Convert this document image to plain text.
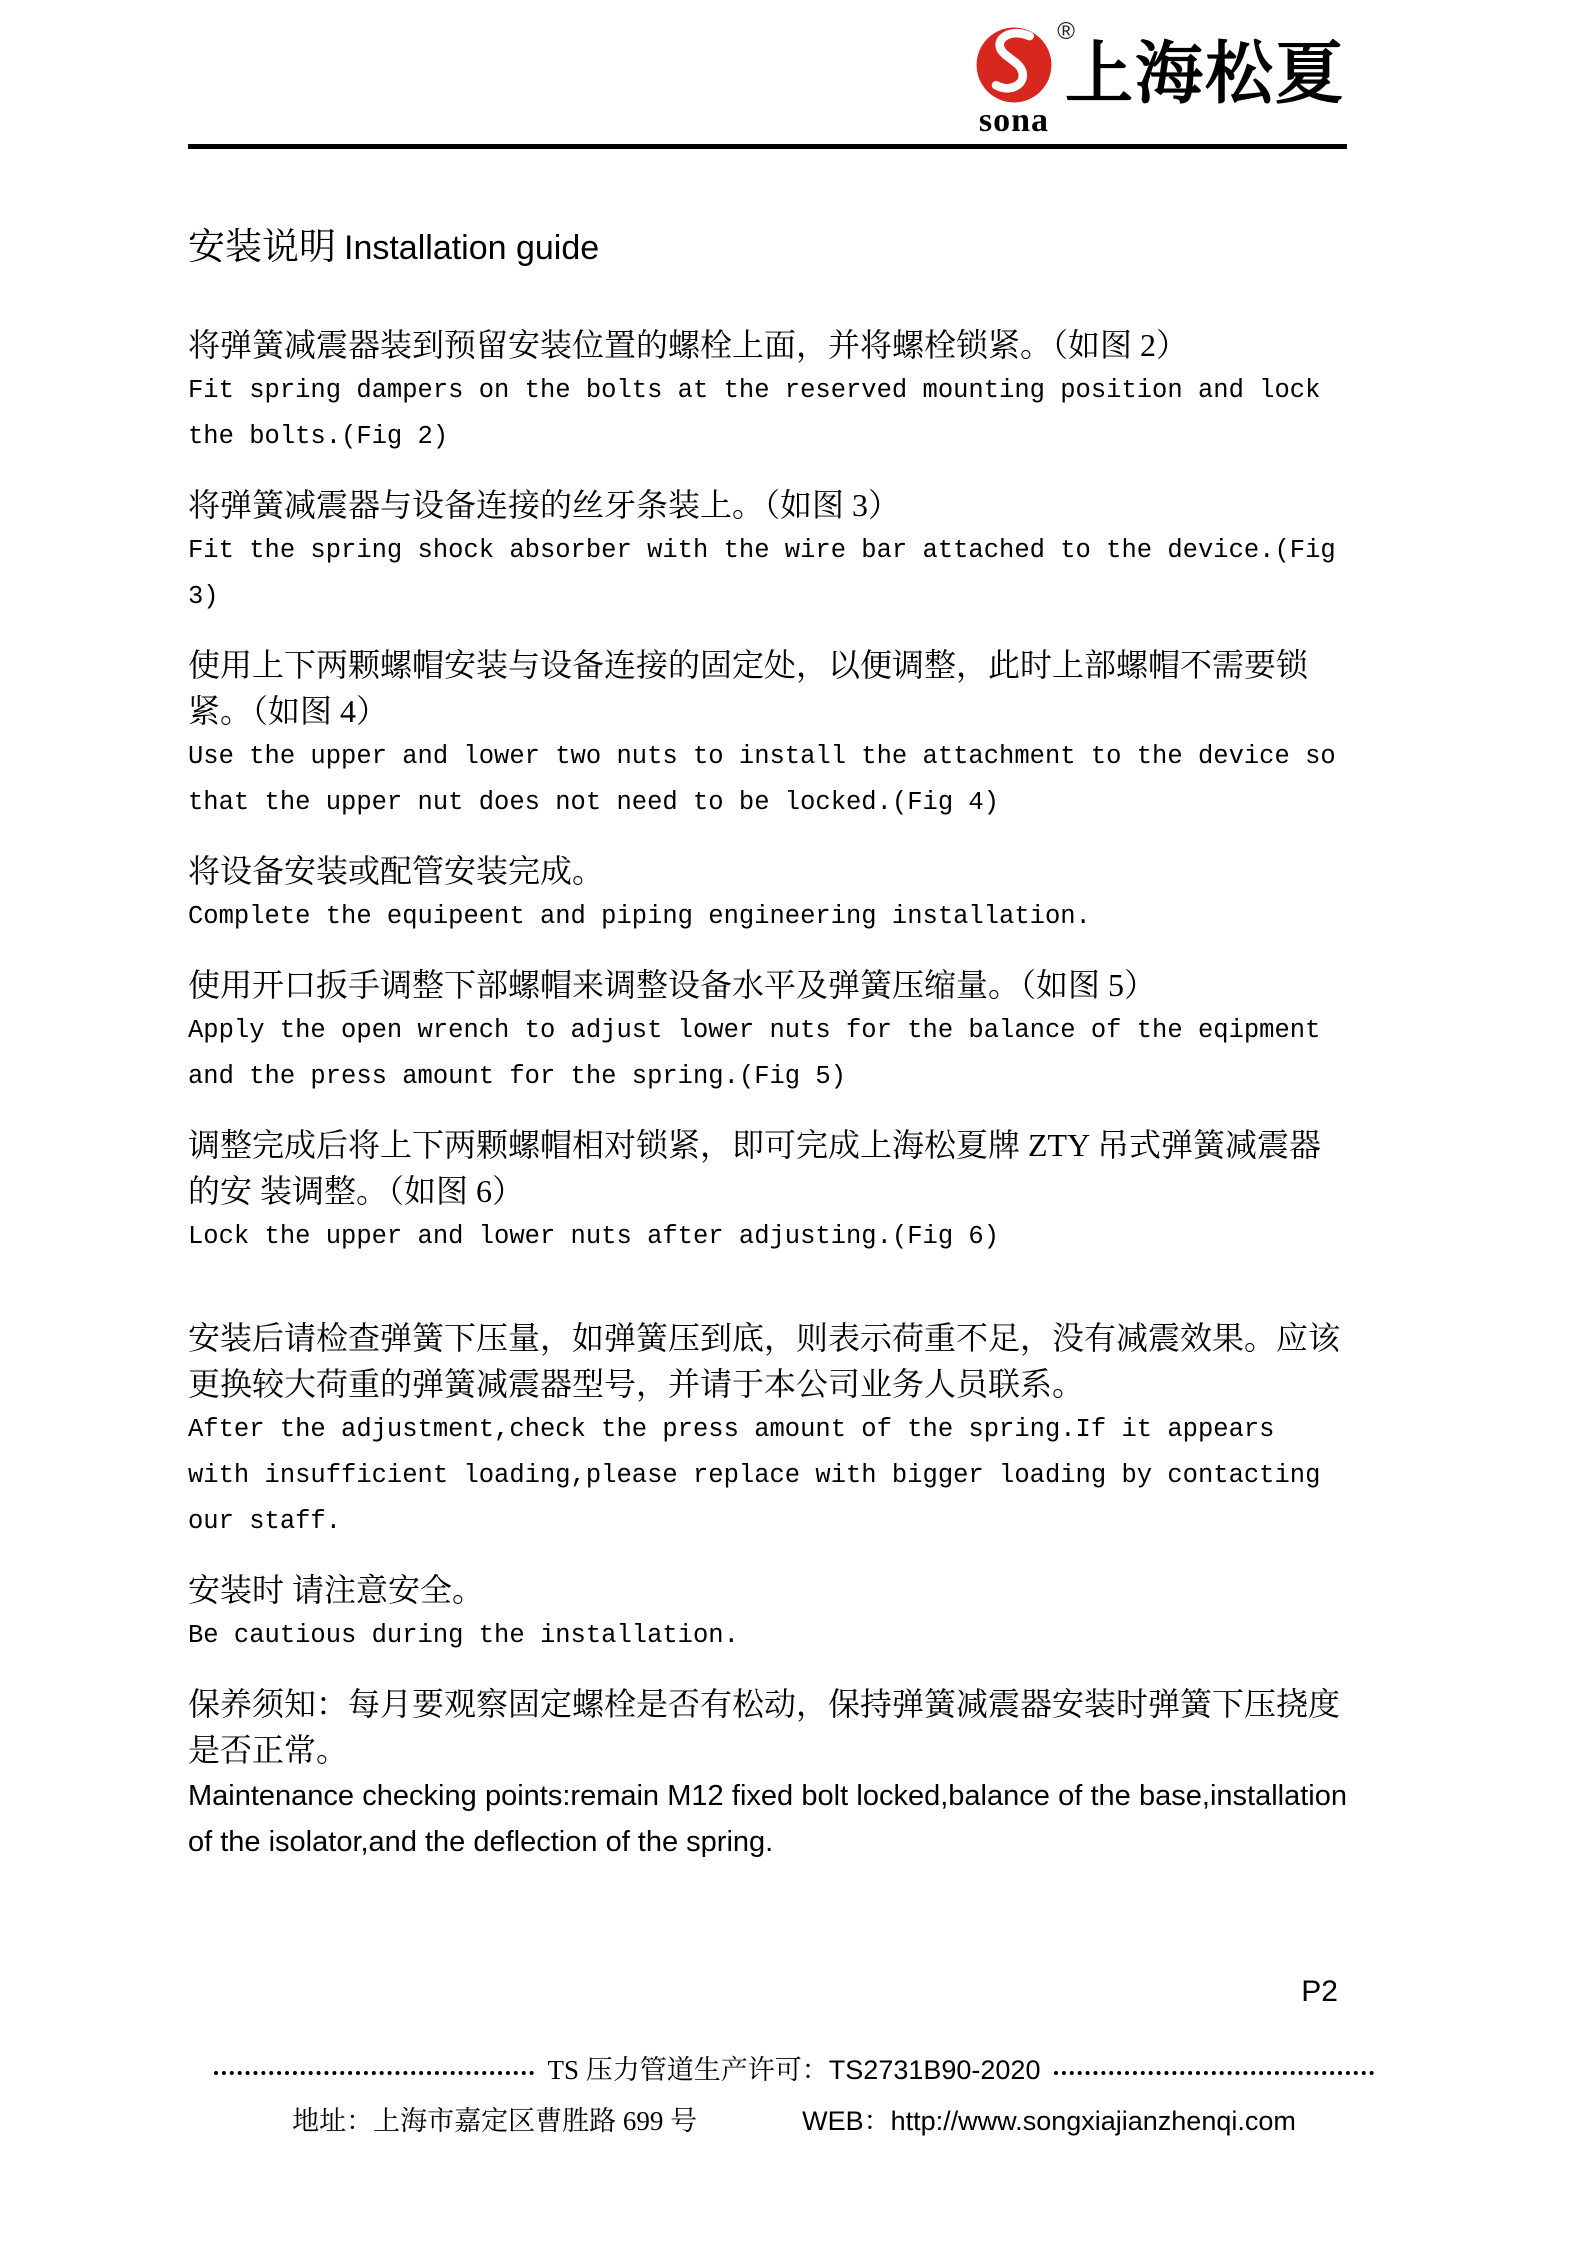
®
sona
上海松夏
安装说明 Installation guide

将弹簧减震器装到预留安装位置的螺栓上面，并将螺栓锁紧。（如图 2）

Fit spring dampers on the bolts at the reserved mounting position and lock the bolts.(Fig 2)

将弹簧减震器与设备连接的丝牙条装上。（如图 3）

Fit the spring shock absorber with the wire bar attached to the device.(Fig 3)

使用上下两颗螺帽安装与设备连接的固定处，以便调整，此时上部螺帽不需要锁紧。（如图 4）

Use the upper and lower two nuts to install the attachment to the device so that the upper nut does not need to be locked.(Fig 4)

将设备安装或配管安装完成。

Complete the equipeent and piping engineering installation.

使用开口扳手调整下部螺帽来调整设备水平及弹簧压缩量。（如图 5）

Apply the open wrench to adjust lower nuts for the balance of the eqipment and the press amount for the spring.(Fig 5)

调整完成后将上下两颗螺帽相对锁紧，即可完成上海松夏牌 ZTY 吊式弹簧减震器的安 装调整。（如图 6）

Lock the upper and lower nuts after adjusting.(Fig 6)

安装后请检查弹簧下压量，如弹簧压到底，则表示荷重不足，没有减震效果。应该更换较大荷重的弹簧减震器型号，并请于本公司业务人员联系。

After the adjustment,check the press amount of the spring.If it appears with insufficient loading,please replace with bigger loading by contacting our staff.

安装时 请注意安全。

Be cautious during the installation.

保养须知：每月要观察固定螺栓是否有松动，保持弹簧减震器安装时弹簧下压挠度是否正常。

Maintenance checking points:remain M12 fixed bolt locked,balance of the base,installation of the isolator,and the deflection of the spring.

P2
TS 压力管道生产许可：TS2731B90-2020
地址：上海市嘉定区曹胜路 699 号	WEB：http://www.songxiajianzhenqi.com
